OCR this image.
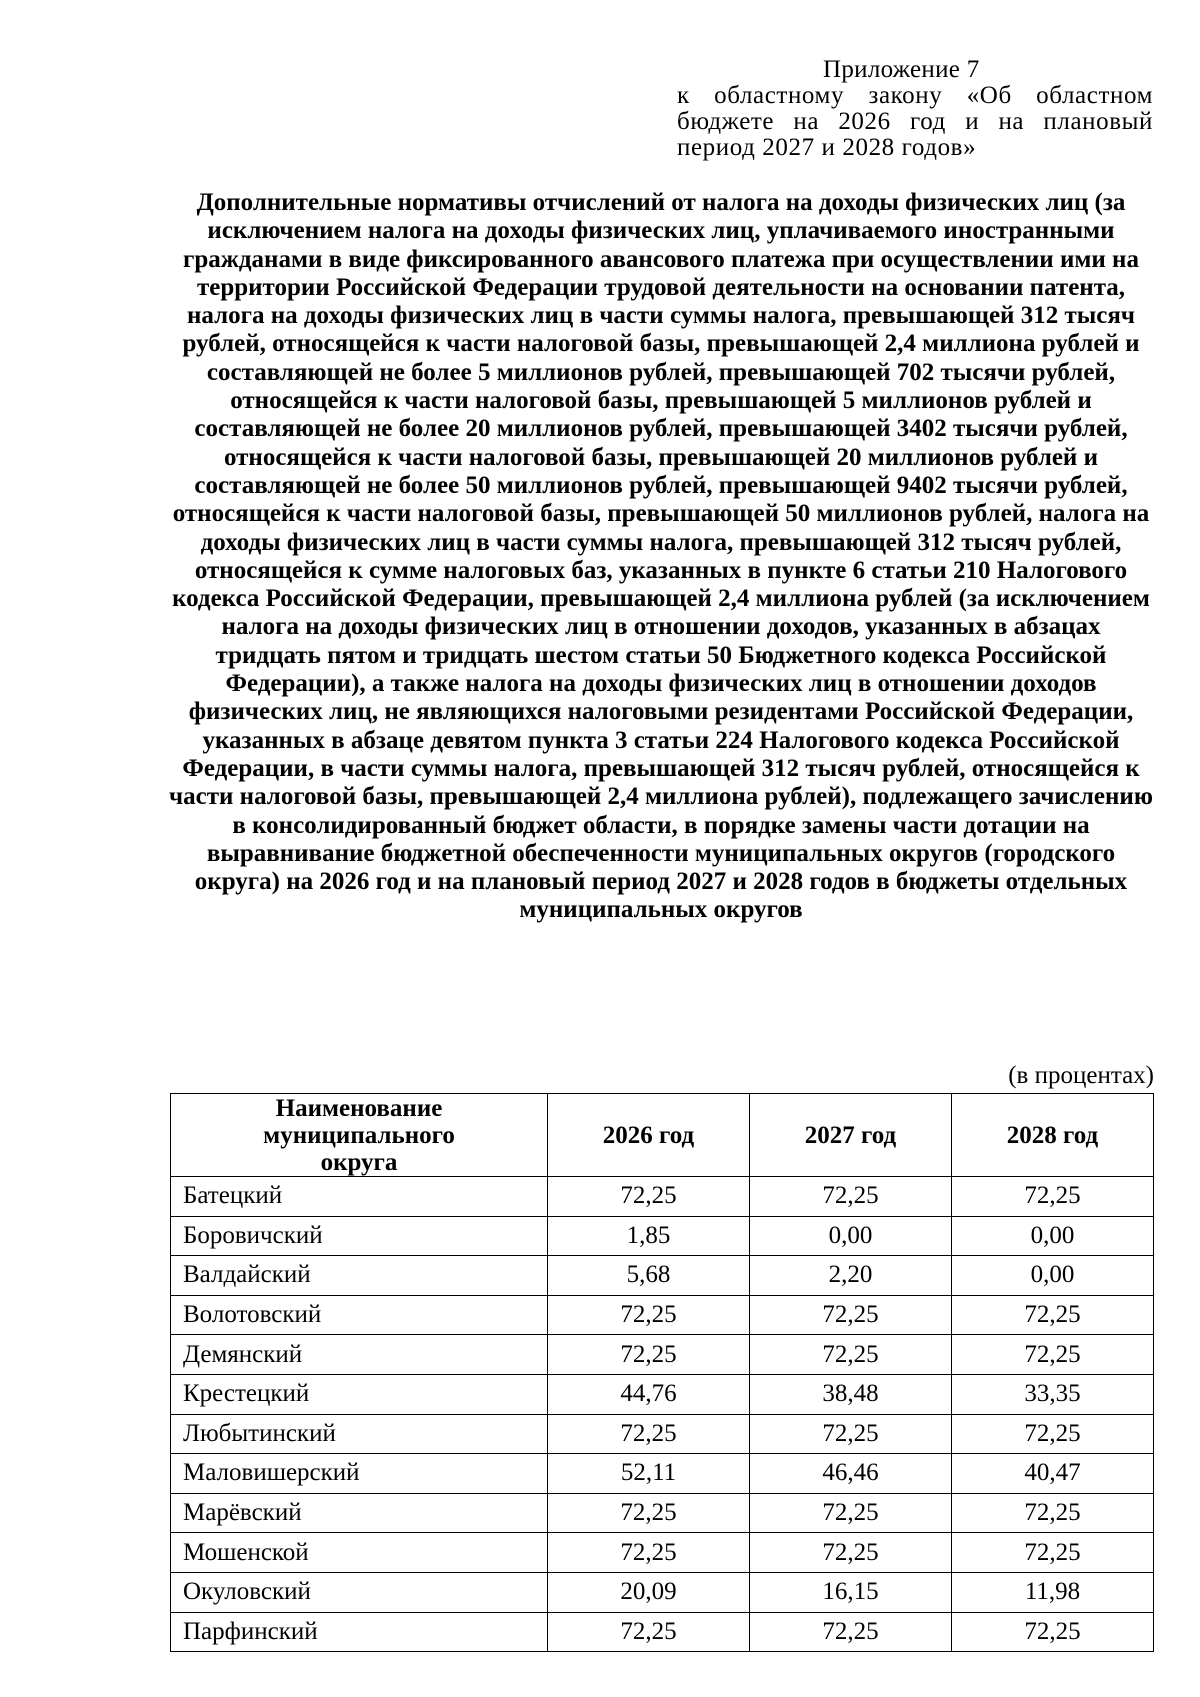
Приложение 7
к областному закону «Об областном бюджете на 2026 год и на плановый период 2027 и 2028 годов»
Дополнительные нормативы отчислений от налога на доходы физических лиц (за исключением налога на доходы физических лиц, уплачиваемого иностранными гражданами в виде фиксированного авансового платежа при осуществлении ими на территории Российской Федерации трудовой деятельности на основании патента, налога на доходы физических лиц в части суммы налога, превышающей 312 тысяч рублей, относящейся к части налоговой базы, превышающей 2,4 миллиона рублей и составляющей не более 5 миллионов рублей, превышающей 702 тысячи рублей, относящейся к части налоговой базы, превышающей 5 миллионов рублей и составляющей не более 20 миллионов рублей, превышающей 3402 тысячи рублей, относящейся к части налоговой базы, превышающей 20 миллионов рублей и составляющей не более 50 миллионов рублей, превышающей 9402 тысячи рублей, относящейся к части налоговой базы, превышающей 50 миллионов рублей, налога на доходы физических лиц в части суммы налога, превышающей 312 тысяч рублей, относящейся к сумме налоговых баз, указанных в пункте 6 статьи 210 Налогового кодекса Российской Федерации, превышающей 2,4 миллиона рублей (за исключением налога на доходы физических лиц в отношении доходов, указанных в абзацах тридцать пятом и тридцать шестом статьи 50 Бюджетного кодекса Российской Федерации), а также налога на доходы физических лиц в отношении доходов физических лиц, не являющихся налоговыми резидентами Российской Федерации, указанных в абзаце девятом пункта 3 статьи 224 Налогового кодекса Российской Федерации, в части суммы налога, превышающей 312 тысяч рублей, относящейся к части налоговой базы, превышающей 2,4 миллиона рублей), подлежащего зачислению в консолидированный бюджет области, в порядке замены части дотации на выравнивание бюджетной обеспеченности муниципальных округов (городского округа) на 2026 год и на плановый период 2027 и 2028 годов в бюджеты отдельных муниципальных округов
(в процентах)
Наименование муниципального округа	2026 год	2027 год	2028 год
Батецкий	72,25	72,25	72,25
Боровичский	1,85	0,00	0,00
Валдайский	5,68	2,20	0,00
Волотовский	72,25	72,25	72,25
Демянский	72,25	72,25	72,25
Крестецкий	44,76	38,48	33,35
Любытинский	72,25	72,25	72,25
Маловишерский	52,11	46,46	40,47
Марёвский	72,25	72,25	72,25
Мошенской	72,25	72,25	72,25
Окуловский	20,09	16,15	11,98
Парфинский	72,25	72,25	72,25
